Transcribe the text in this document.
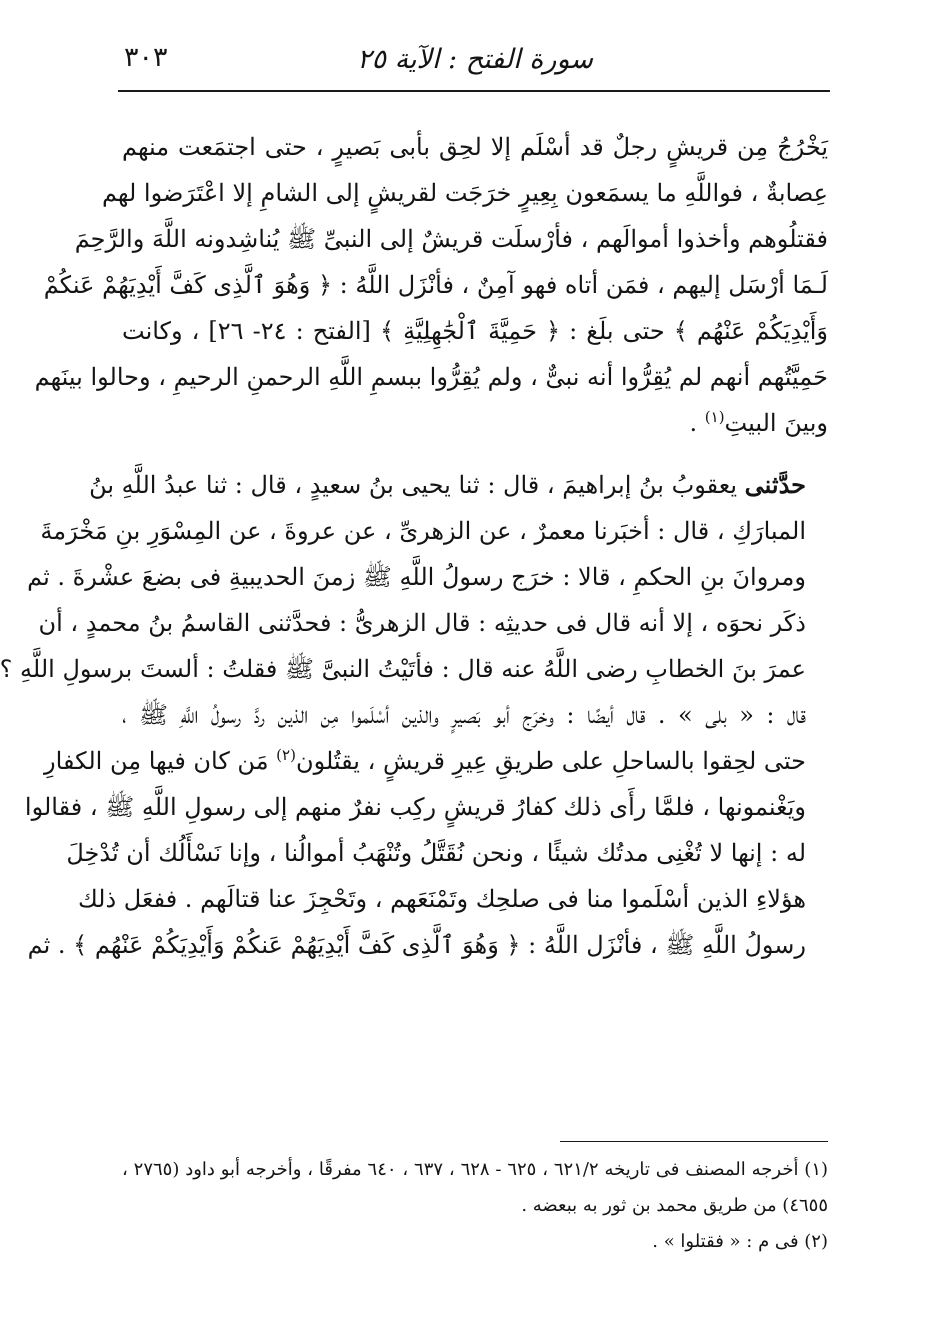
سورة الفتح : الآية ٢٥
٣٠٣

يَخْرُجُ مِن قريشٍ رجلٌ قد أسْلَم إلا لحِق بأبى بَصيرٍ ، حتى اجتمَعت منهم
عِصابةٌ ، فواللَّهِ ما يسمَعون بِعِيرٍ خرَجَت لقريشٍ إلى الشامِ إلا اعْتَرَضوا لهم
فقتلُوهم وأخذوا أموالَهم ، فأرْسلَت قريشٌ إلى النبىِّ ﷺ يُناشِدونه اللَّهَ والرَّحِمَ
لَـمَا أرْسَل إليهم ، فمَن أتاه فهو آمِنٌ ، فأنْزَل اللَّهُ : ﴿ وَهُوَ ٱلَّذِى كَفَّ أَيْدِيَهُمْ عَنكُمْ
وَأَيْدِيَكُمْ عَنْهُم ﴾ حتى بلَغ : ﴿ حَمِيَّةَ ٱلْجَٰهِلِيَّةِ ﴾ [الفتح : ٢٤- ٢٦] ، وكانت
حَمِيَّتُهم أنهم لم يُقِرُّوا أنه نبىٌّ ، ولم يُقِرُّوا ببسمِ اللَّهِ الرحمنِ الرحيمِ ، وحالوا بينَهم
وبينَ البيتِ$^{(١)}$ .

حدَّثنى يعقوبُ بنُ إبراهيمَ ، قال : ثنا يحيى بنُ سعيدٍ ، قال : ثنا عبدُ اللَّهِ بنُ
المبارَكِ ، قال : أخبَرنا معمرٌ ، عن الزهرىِّ ، عن عروةَ ، عن المِسْوَرِ بنِ مَخْرَمةَ
ومروانَ بنِ الحكمِ ، قالا : خرَج رسولُ اللَّهِ ﷺ زمنَ الحديبيةِ فى بضعَ عشْرةَ . ثم
ذكَر نحوَه ، إلا أنه قال فى حديثِه : قال الزهرىُّ : فحدَّثنى القاسمُ بنُ محمدٍ ، أن
عمرَ بنَ الخطابِ رضى اللَّهُ عنه قال : فأتَيْتُ النبىَّ ﷺ فقلتُ : ألستَ برسولِ اللَّهِ ؟
قال : « بلى » . قال أيضًا : وخرَج أبو بَصيرٍ والذين أسْلَموا مِن الذين ردَّ رسولُ اللَّهِ ﷺ ،
حتى لحِقوا بالساحلِ على طريقِ عِيرِ قريشٍ ، يقتُلون$^{(٢)}$ مَن كان فيها مِن الكفارِ
ويَغْنمونها ، فلمَّا رأَى ذلك كفارُ قريشٍ ركِب نفرٌ منهم إلى رسولِ اللَّهِ ﷺ ، فقالوا
له : إنها لا تُغْنِى مدتُك شيئًا ، ونحن نُقَتَّلُ وتُنْهَبُ أموالُنا ، وإنا نَسْأَلُك أن تُدْخِلَ
هؤلاءِ الذين أسْلَموا منا فى صلحِك وتَمْنَعَهم ، وتَحْجِزَ عنا قتالَهم . ففعَل ذلك
رسولُ اللَّهِ ﷺ ، فأنْزَل اللَّهُ : ﴿ وَهُوَ ٱلَّذِى كَفَّ أَيْدِيَهُمْ عَنكُمْ وَأَيْدِيَكُمْ عَنْهُم ﴾ . ثم

(١) أخرجه المصنف فى تاريخه ٦٢١/٢ ، ٦٢٥ - ٦٢٨ ، ٦٣٧ ، ٦٤٠ مفرقًا ، وأخرجه أبو داود (٢٧٦٥ ،
٤٦٥٥) من طريق محمد بن ثور به ببعضه .

(٢) فى م : « فقتلوا » .
